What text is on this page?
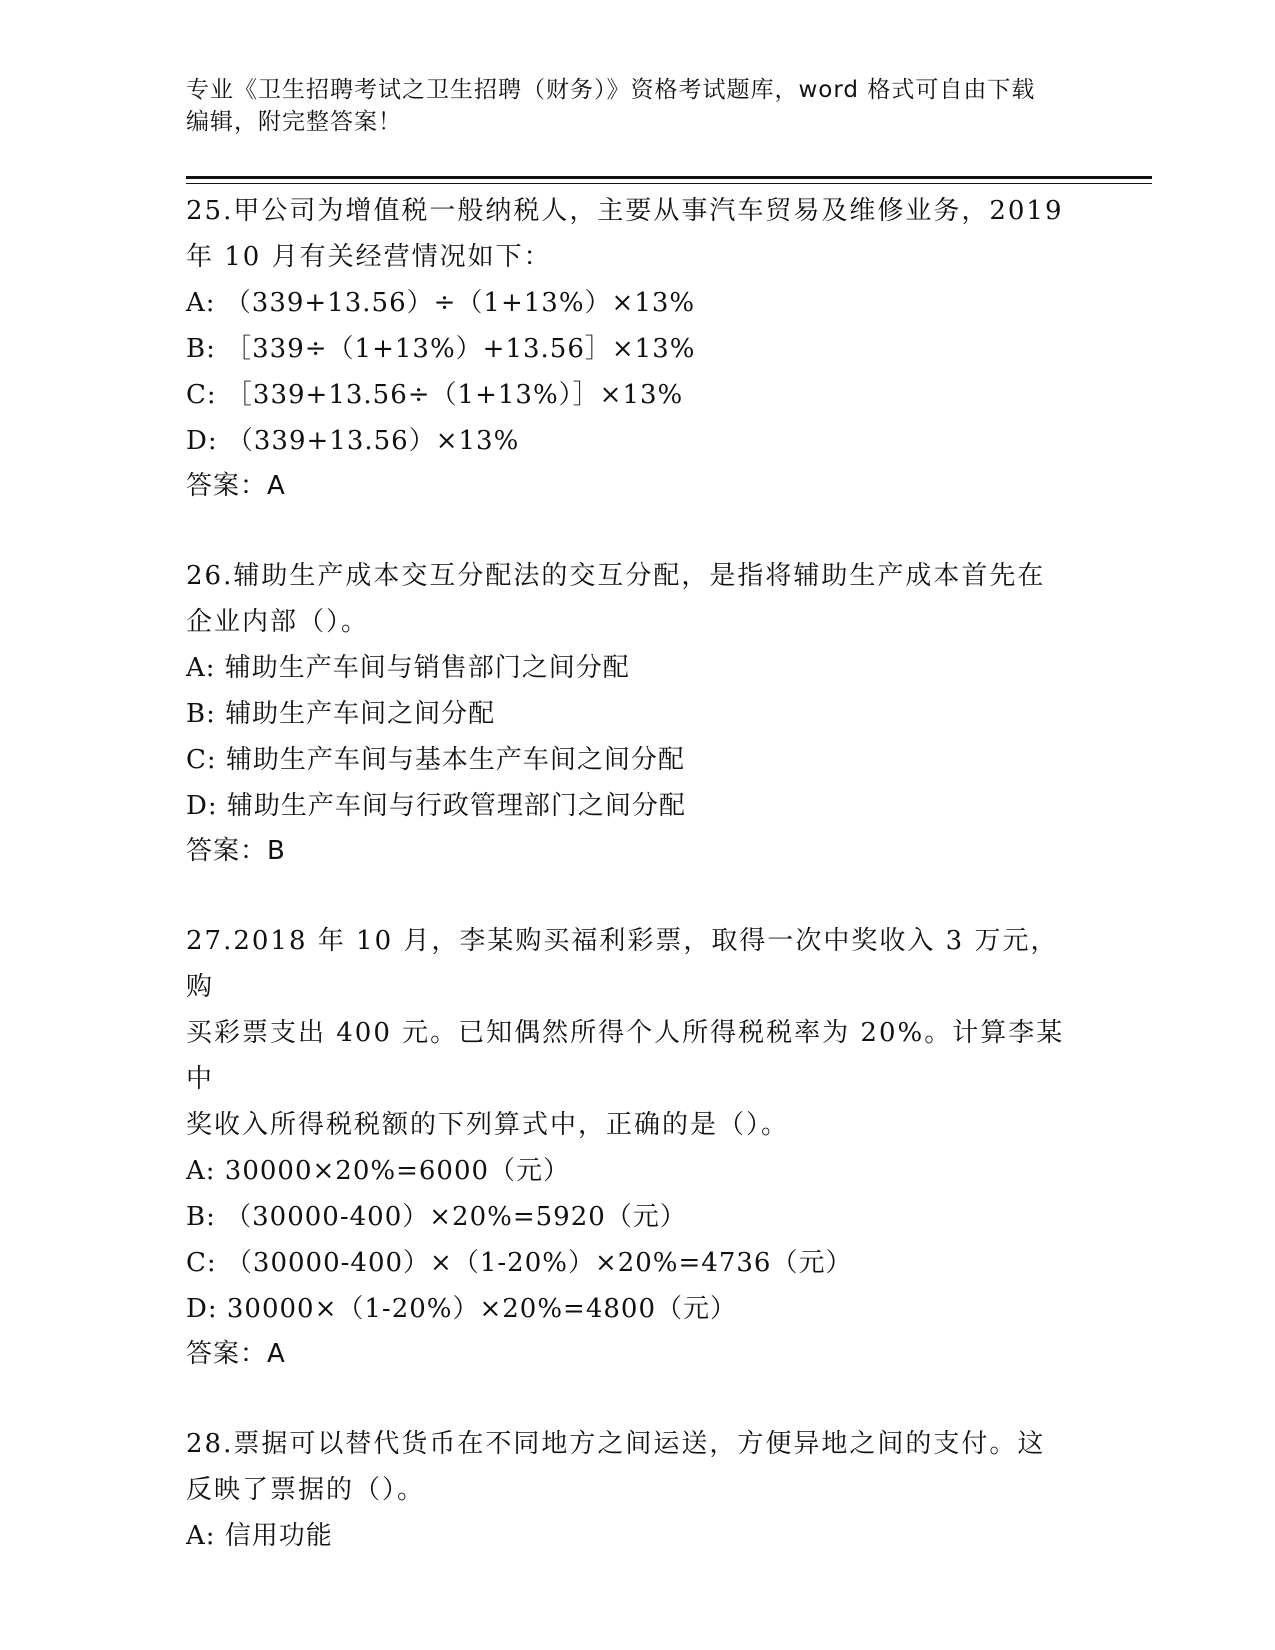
专业《卫生招聘考试之卫生招聘（财务）》资格考试题库，word 格式可自由下载
编辑，附完整答案！
25.甲公司为增值税一般纳税人，主要从事汽车贸易及维修业务，2019
年 10 月有关经营情况如下：
A: （339+13.56）÷（1+13%）×13%
B: ［339÷（1+13%）+13.56］×13%
C: ［339+13.56÷（1+13%）］×13%
D: （339+13.56）×13%
答案：A
26.辅助生产成本交互分配法的交互分配，是指将辅助生产成本首先在
企业内部（）。
A: 辅助生产车间与销售部门之间分配
B: 辅助生产车间之间分配
C: 辅助生产车间与基本生产车间之间分配
D: 辅助生产车间与行政管理部门之间分配
答案：B
27.2018 年 10 月，李某购买福利彩票，取得一次中奖收入 3 万元，购
买彩票支出 400 元。已知偶然所得个人所得税税率为 20%。计算李某中
奖收入所得税税额的下列算式中，正确的是（）。
A: 30000×20%=6000（元）
B: （30000-400）×20%=5920（元）
C: （30000-400）×（1-20%）×20%=4736（元）
D: 30000×（1-20%）×20%=4800（元）
答案：A
28.票据可以替代货币在不同地方之间运送，方便异地之间的支付。这
反映了票据的（）。
A: 信用功能
